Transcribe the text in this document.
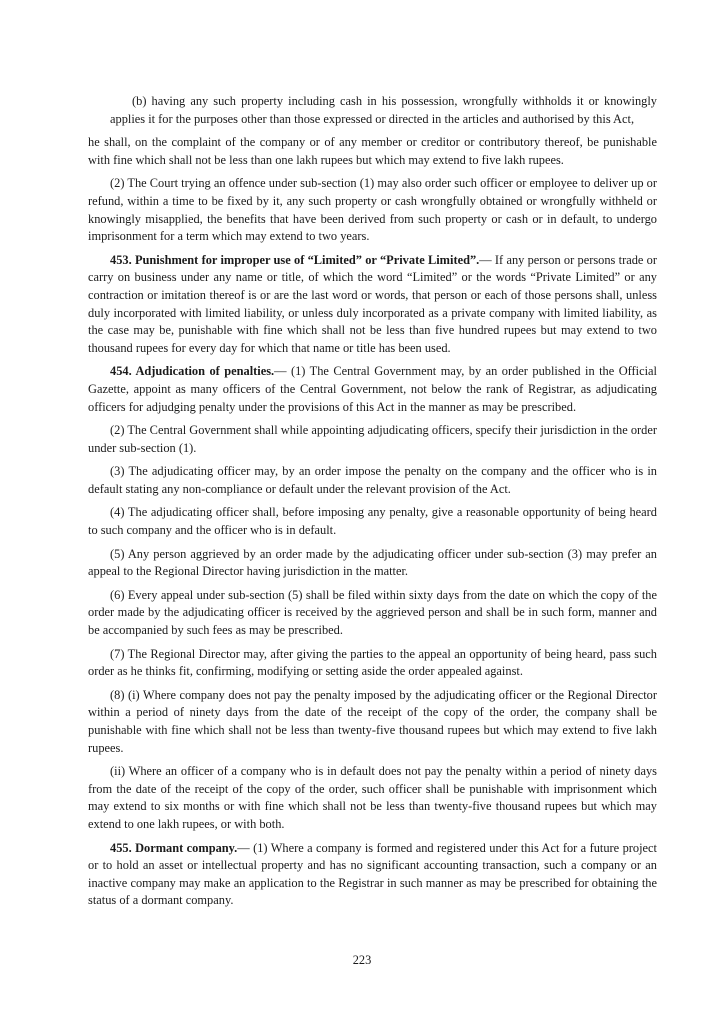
(b) having any such property including cash in his possession, wrongfully withholds it or knowingly applies it for the purposes other than those expressed or directed in the articles and authorised by this Act,

he shall, on the complaint of the company or of any member or creditor or contributory thereof, be punishable with fine which shall not be less than one lakh rupees but which may extend to five lakh rupees.

(2) The Court trying an offence under sub-section (1) may also order such officer or employee to deliver up or refund, within a time to be fixed by it, any such property or cash wrongfully obtained or wrongfully withheld or knowingly misapplied, the benefits that have been derived from such property or cash or in default, to undergo imprisonment for a term which may extend to two years.

453. Punishment for improper use of “Limited” or “Private Limited”.— If any person or persons trade or carry on business under any name or title, of which the word “Limited” or the words “Private Limited” or any contraction or imitation thereof is or are the last word or words, that person or each of those persons shall, unless duly incorporated with limited liability, or unless duly incorporated as a private company with limited liability, as the case may be, punishable with fine which shall not be less than five hundred rupees but may extend to two thousand rupees for every day for which that name or title has been used.

454. Adjudication of penalties.— (1) The Central Government may, by an order published in the Official Gazette, appoint as many officers of the Central Government, not below the rank of Registrar, as adjudicating officers for adjudging penalty under the provisions of this Act in the manner as may be prescribed.

(2) The Central Government shall while appointing adjudicating officers, specify their jurisdiction in the order under sub-section (1).

(3) The adjudicating officer may, by an order impose the penalty on the company and the officer who is in default stating any non-compliance or default under the relevant provision of the Act.

(4) The adjudicating officer shall, before imposing any penalty, give a reasonable opportunity of being heard to such company and the officer who is in default.

(5) Any person aggrieved by an order made by the adjudicating officer under sub-section (3) may prefer an appeal to the Regional Director having jurisdiction in the matter.

(6) Every appeal under sub-section (5) shall be filed within sixty days from the date on which the copy of the order made by the adjudicating officer is received by the aggrieved person and shall be in such form, manner and be accompanied by such fees as may be prescribed.

(7) The Regional Director may, after giving the parties to the appeal an opportunity of being heard, pass such order as he thinks fit, confirming, modifying or setting aside the order appealed against.

(8) (i) Where company does not pay the penalty imposed by the adjudicating officer or the Regional Director within a period of ninety days from the date of the receipt of the copy of the order, the company shall be punishable with fine which shall not be less than twenty-five thousand rupees but which may extend to five lakh rupees.

(ii) Where an officer of a company who is in default does not pay the penalty within a period of ninety days from the date of the receipt of the copy of the order, such officer shall be punishable with imprisonment which may extend to six months or with fine which shall not be less than twenty-five thousand rupees but which may extend to one lakh rupees, or with both.

455. Dormant company.— (1) Where a company is formed and registered under this Act for a future project or to hold an asset or intellectual property and has no significant accounting transaction, such a company or an inactive company may make an application to the Registrar in such manner as may be prescribed for obtaining the status of a dormant company.

223
